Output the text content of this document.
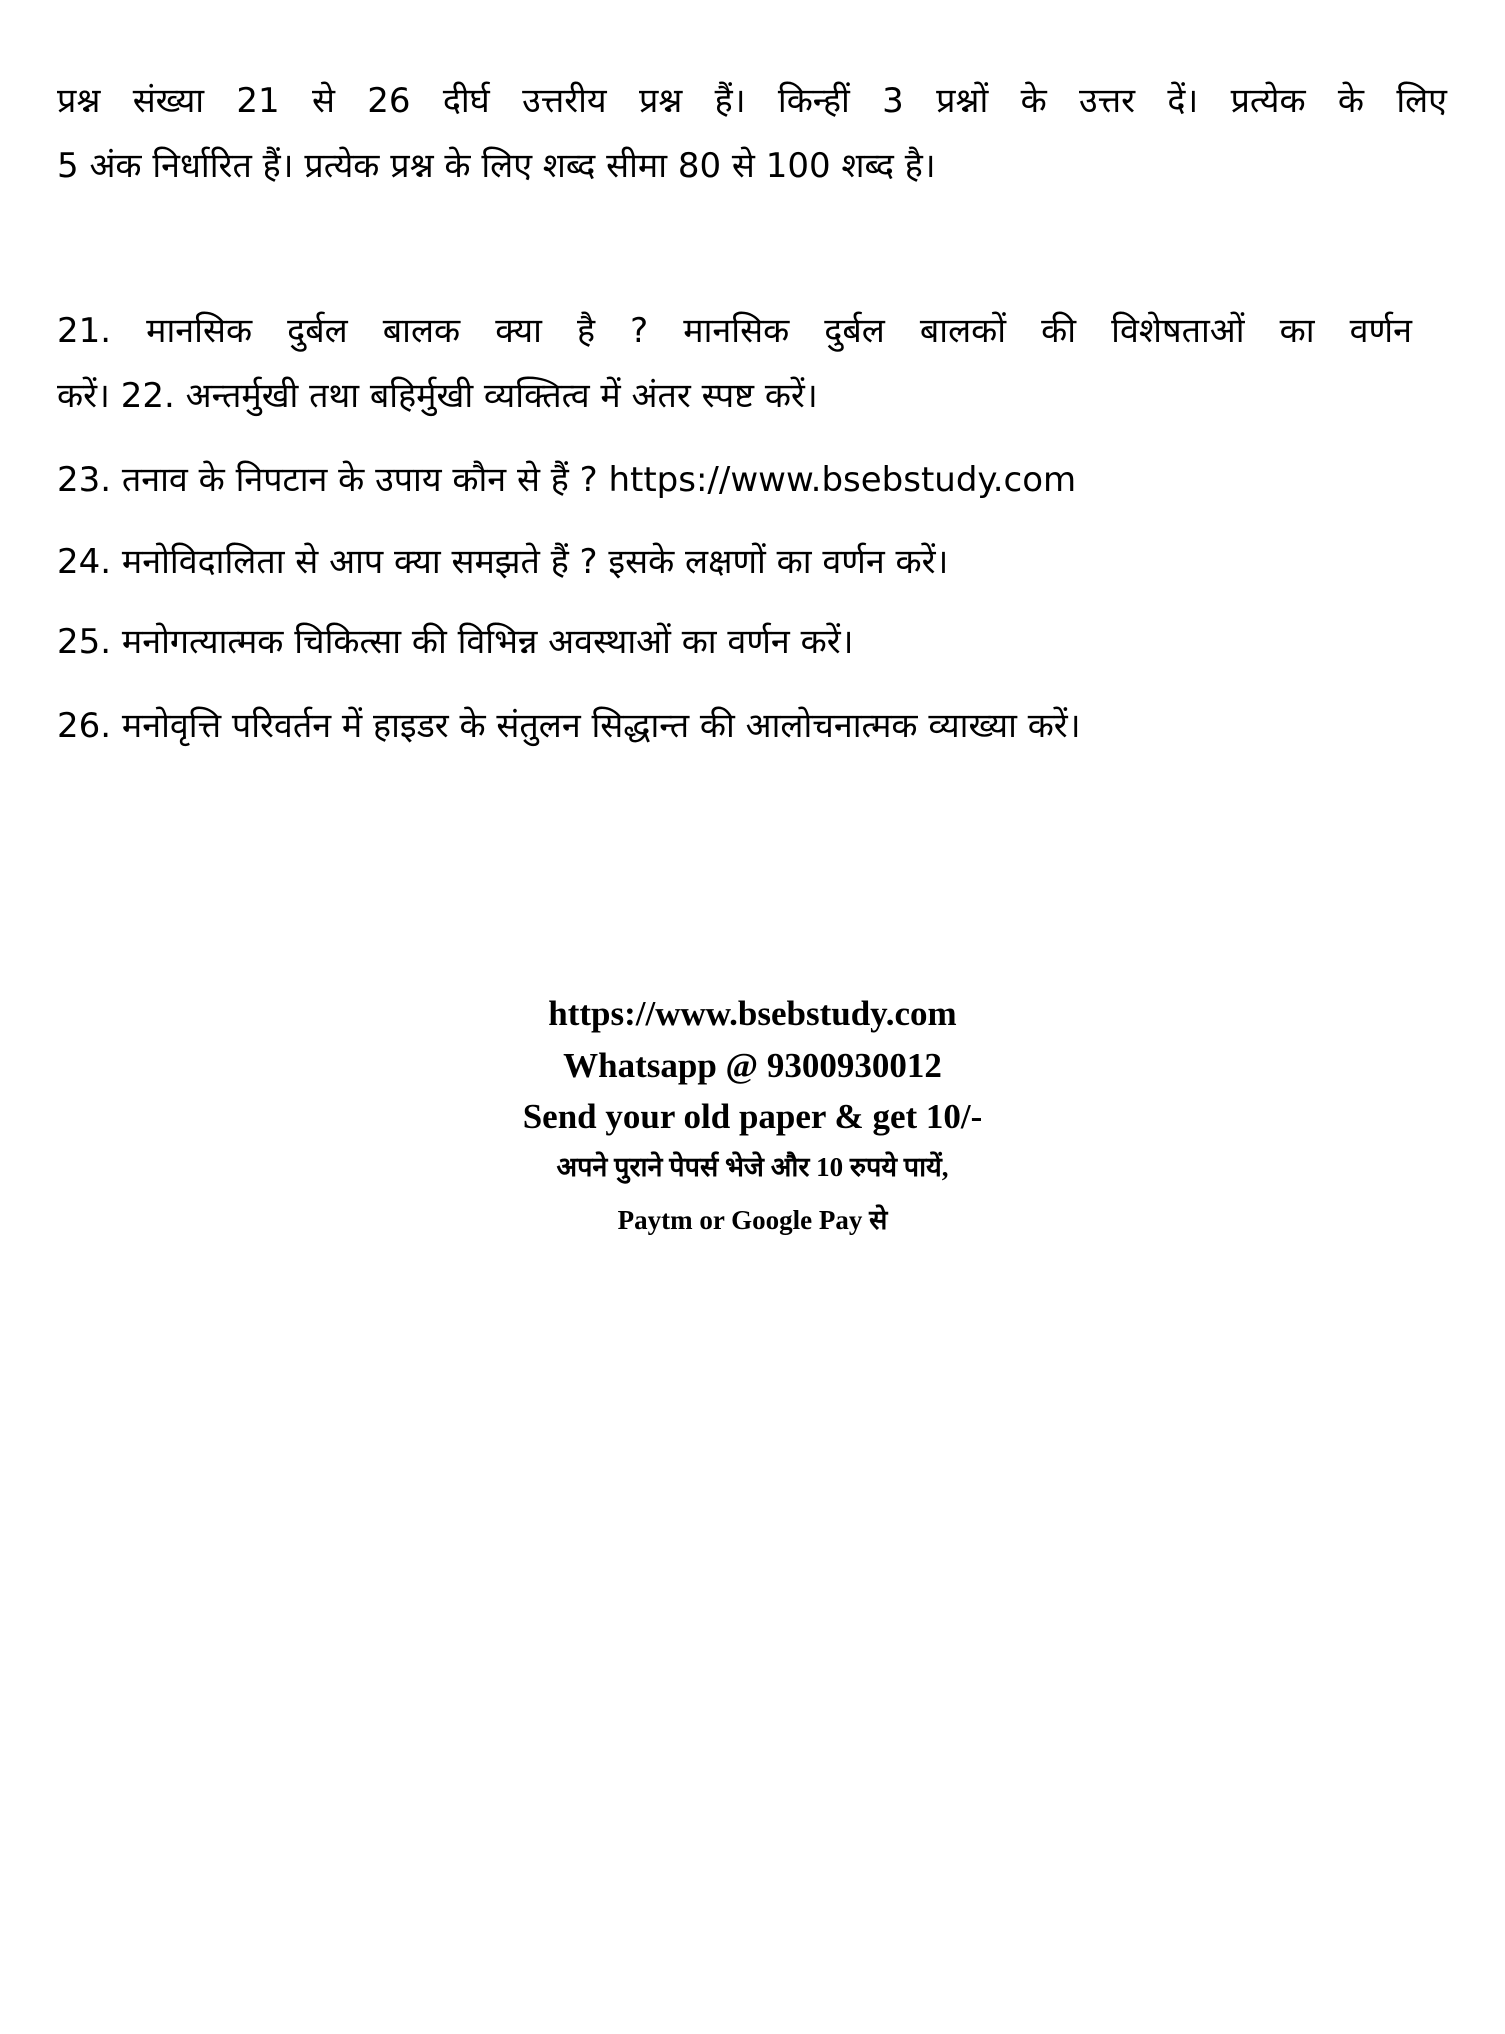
प्रश्न संख्या 21 से 26 दीर्घ उत्तरीय प्रश्न हैं। किन्हीं 3 प्रश्नों के उत्तर दें। प्रत्येक के लिए
5 अंक निर्धारित हैं। प्रत्येक प्रश्न के लिए शब्द सीमा 80 से 100 शब्द है।
21. मानसिक दुर्बल बालक क्या है ? मानसिक दुर्बल बालकों की विशेषताओं का वर्णन
करें। 22. अन्तर्मुखी तथा बहिर्मुखी व्यक्तित्व में अंतर स्पष्ट करें।
23. तनाव के निपटान के उपाय कौन से हैं ? https://www.bsebstudy.com
24. मनोविदालिता से आप क्या समझते हैं ? इसके लक्षणों का वर्णन करें।
25. मनोगत्यात्मक चिकित्सा की विभिन्न अवस्थाओं का वर्णन करें।
26. मनोवृत्ति परिवर्तन में हाइडर के संतुलन सिद्धान्त की आलोचनात्मक व्याख्या करें।
https://www.bsebstudy.com
Whatsapp @ 9300930012
Send your old paper & get 10/-
अपने पुराने पेपर्स भेजे और 10 रुपये पायें,
Paytm or Google Pay से
